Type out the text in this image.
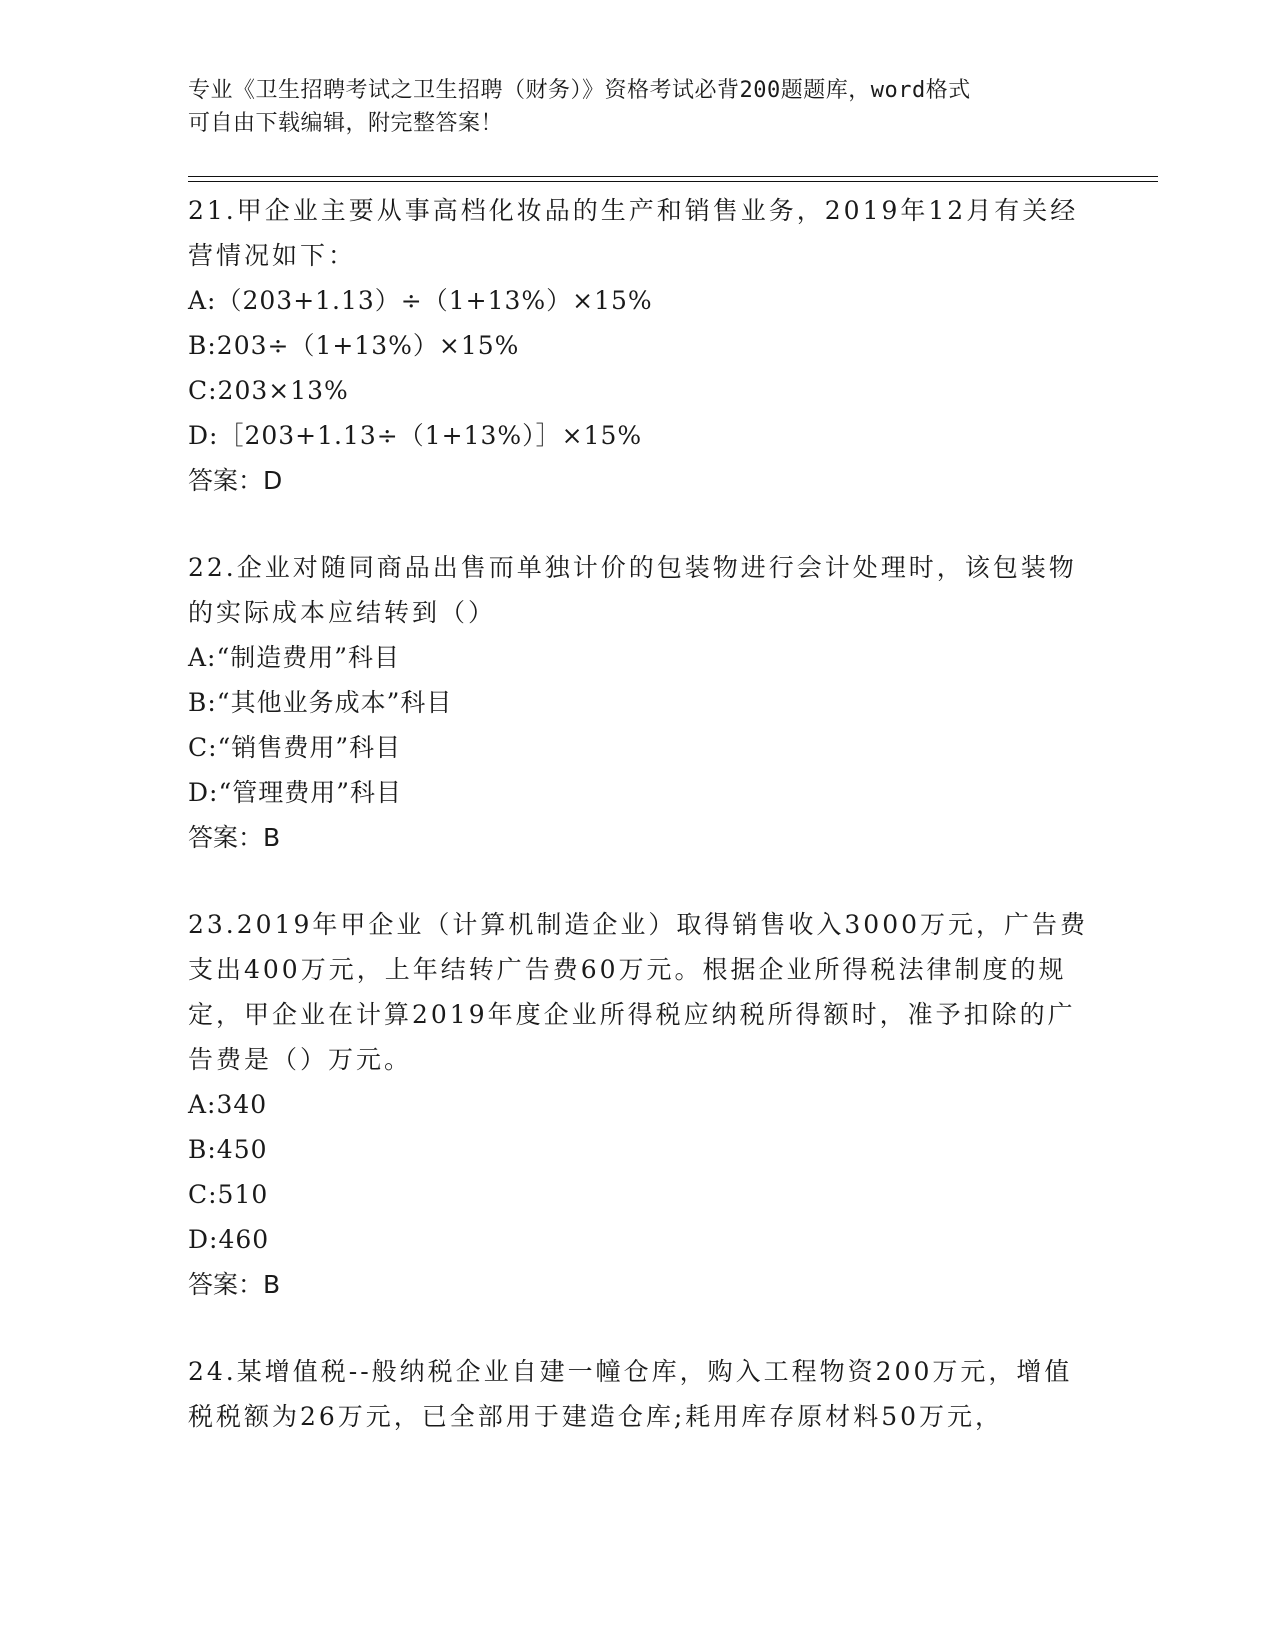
专业《卫生招聘考试之卫生招聘（财务）》资格考试必背200题题库，word格式
可自由下载编辑，附完整答案！

21.甲企业主要从事高档化妆品的生产和销售业务，2019年12月有关经营情况如下：

A:（203+1.13）÷（1+13%）×15%

B:203÷（1+13%）×15%

C:203×13%

D:［203+1.13÷（1+13%）］×15%

答案：D

22.企业对随同商品出售而单独计价的包装物进行会计处理时，该包装物的实际成本应结转到（）

A:“制造费用”科目

B:“其他业务成本”科目

C:“销售费用”科目

D:“管理费用”科目

答案：B

23.2019年甲企业（计算机制造企业）取得销售收入3000万元，广告费支出400万元，上年结转广告费60万元。根据企业所得税法律制度的规定，甲企业在计算2019年度企业所得税应纳税所得额时，准予扣除的广告费是（）万元。

A:340

B:450

C:510

D:460

答案：B

24.某增值税--般纳税企业自建一幢仓库，购入工程物资200万元，增值税税额为26万元，已全部用于建造仓库;耗用库存原材料50万元，
